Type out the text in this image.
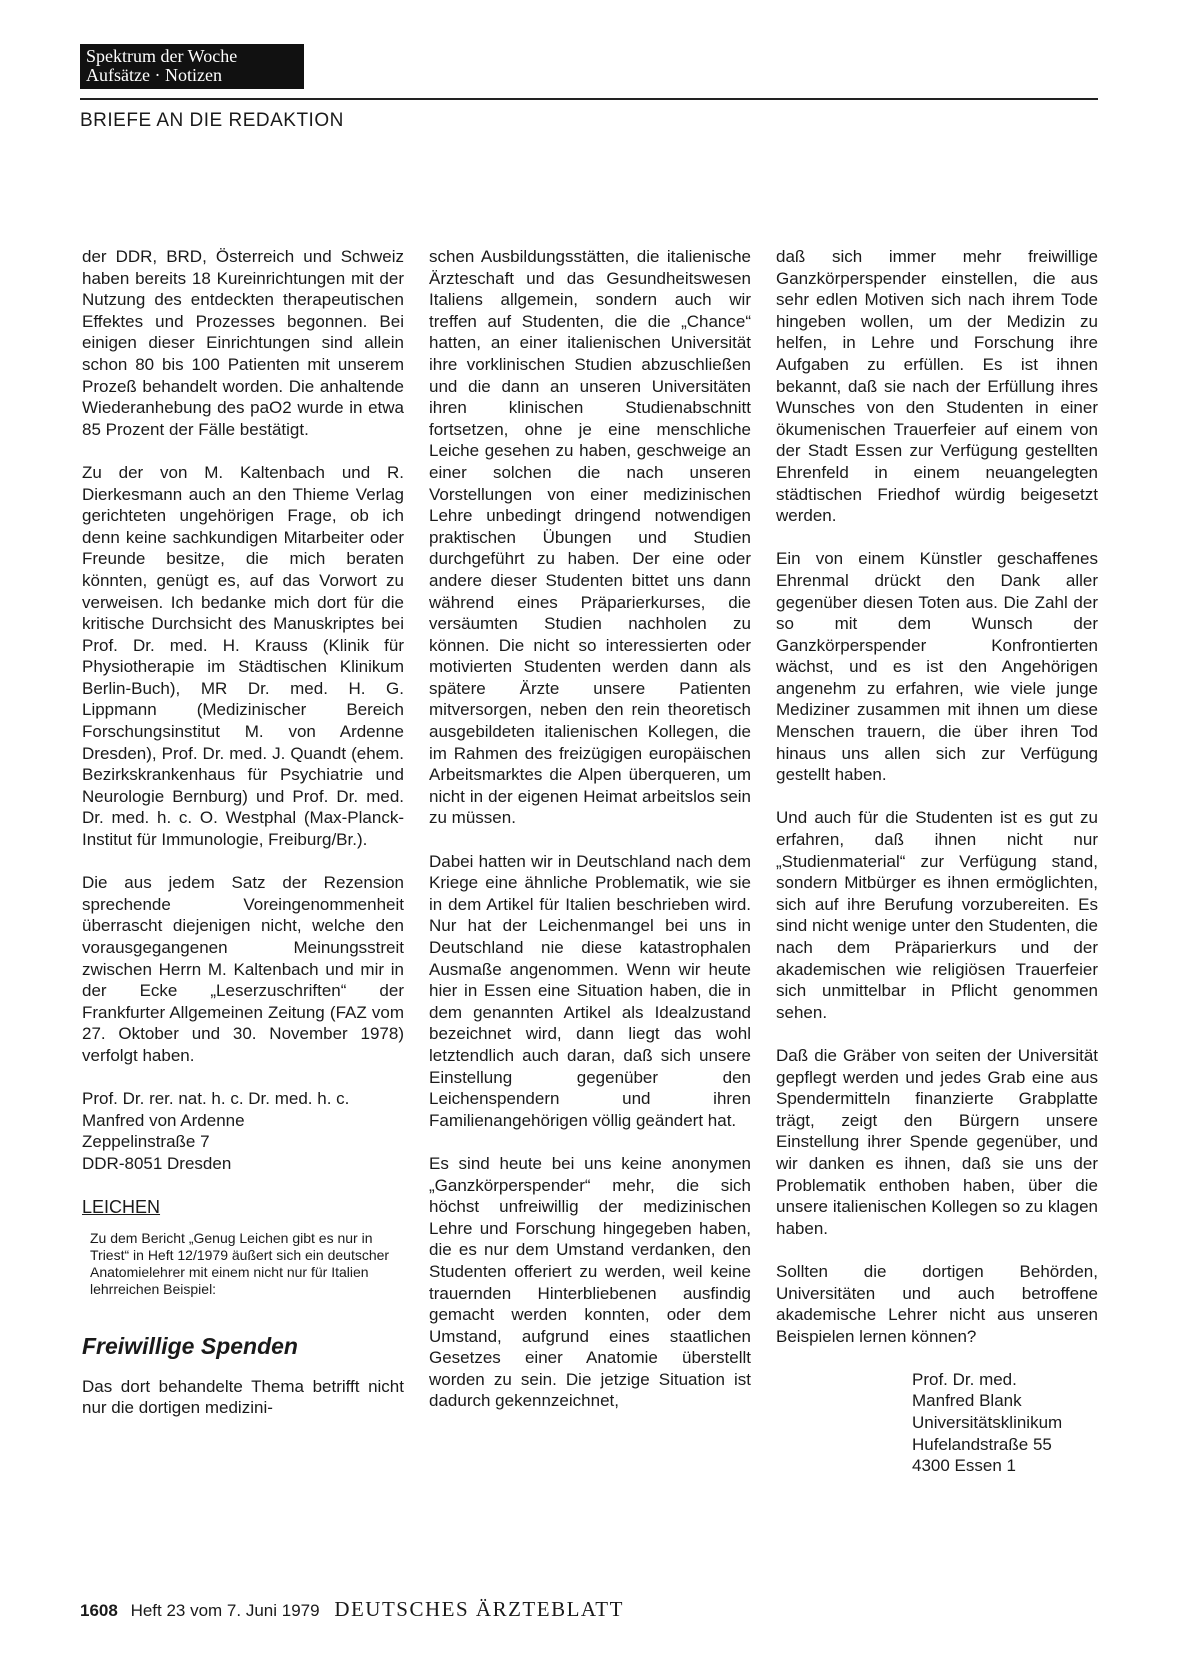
Spektrum der Woche
Aufsätze · Notizen
BRIEFE AN DIE REDAKTION

der DDR, BRD, Österreich und Schweiz haben bereits 18 Kureinrichtungen mit der Nutzung des entdeckten therapeutischen Effektes und Prozesses begonnen. Bei einigen dieser Einrichtungen sind allein schon 80 bis 100 Patienten mit unserem Prozeß behandelt worden. Die anhaltende Wiederanhebung des paO2 wurde in etwa 85 Prozent der Fälle bestätigt.

Zu der von M. Kaltenbach und R. Dierkesmann auch an den Thieme Verlag gerichteten ungehörigen Frage, ob ich denn keine sachkundigen Mitarbeiter oder Freunde besitze, die mich beraten könnten, genügt es, auf das Vorwort zu verweisen. Ich bedanke mich dort für die kritische Durchsicht des Manuskriptes bei Prof. Dr. med. H. Krauss (Klinik für Physiotherapie im Städtischen Klinikum Berlin-Buch), MR Dr. med. H. G. Lippmann (Medizinischer Bereich Forschungsinstitut M. von Ardenne Dresden), Prof. Dr. med. J. Quandt (ehem. Bezirkskrankenhaus für Psychiatrie und Neurologie Bernburg) und Prof. Dr. med. Dr. med. h. c. O. Westphal (Max-Planck-Institut für Immunologie, Freiburg/Br.).

Die aus jedem Satz der Rezension sprechende Voreingenommenheit überrascht diejenigen nicht, welche den vorausgegangenen Meinungsstreit zwischen Herrn M. Kaltenbach und mir in der Ecke „Leserzuschriften“ der Frankfurter Allgemeinen Zeitung (FAZ vom 27. Oktober und 30. November 1978) verfolgt haben.

Prof. Dr. rer. nat. h. c. Dr. med. h. c.
Manfred von Ardenne
Zeppelinstraße 7
DDR-8051 Dresden
LEICHEN
Zu dem Bericht „Genug Leichen gibt es nur in Triest“ in Heft 12/1979 äußert sich ein deutscher Anatomielehrer mit einem nicht nur für Italien lehrreichen Beispiel:
Freiwillige Spenden

Das dort behandelte Thema betrifft nicht nur die dortigen medizini-

schen Ausbildungsstätten, die italienische Ärzteschaft und das Gesundheitswesen Italiens allgemein, sondern auch wir treffen auf Studenten, die die „Chance“ hatten, an einer italienischen Universität ihre vorklinischen Studien abzuschließen und die dann an unseren Universitäten ihren klinischen Studienabschnitt fortsetzen, ohne je eine menschliche Leiche gesehen zu haben, geschweige an einer solchen die nach unseren Vorstellungen von einer medizinischen Lehre unbedingt dringend notwendigen praktischen Übungen und Studien durchgeführt zu haben. Der eine oder andere dieser Studenten bittet uns dann während eines Präparierkurses, die versäumten Studien nachholen zu können. Die nicht so interessierten oder motivierten Studenten werden dann als spätere Ärzte unsere Patienten mitversorgen, neben den rein theoretisch ausgebildeten italienischen Kollegen, die im Rahmen des freizügigen europäischen Arbeitsmarktes die Alpen überqueren, um nicht in der eigenen Heimat arbeitslos sein zu müssen.

Dabei hatten wir in Deutschland nach dem Kriege eine ähnliche Problematik, wie sie in dem Artikel für Italien beschrieben wird. Nur hat der Leichenmangel bei uns in Deutschland nie diese katastrophalen Ausmaße angenommen. Wenn wir heute hier in Essen eine Situation haben, die in dem genannten Artikel als Idealzustand bezeichnet wird, dann liegt das wohl letztendlich auch daran, daß sich unsere Einstellung gegenüber den Leichenspendern und ihren Familienangehörigen völlig geändert hat.

Es sind heute bei uns keine anonymen „Ganzkörperspender“ mehr, die sich höchst unfreiwillig der medizinischen Lehre und Forschung hingegeben haben, die es nur dem Umstand verdanken, den Studenten offeriert zu werden, weil keine trauernden Hinterbliebenen ausfindig gemacht werden konnten, oder dem Umstand, aufgrund eines staatlichen Gesetzes einer Anatomie überstellt worden zu sein. Die jetzige Situation ist dadurch gekennzeichnet,

daß sich immer mehr freiwillige Ganzkörperspender einstellen, die aus sehr edlen Motiven sich nach ihrem Tode hingeben wollen, um der Medizin zu helfen, in Lehre und Forschung ihre Aufgaben zu erfüllen. Es ist ihnen bekannt, daß sie nach der Erfüllung ihres Wunsches von den Studenten in einer ökumenischen Trauerfeier auf einem von der Stadt Essen zur Verfügung gestellten Ehrenfeld in einem neuangelegten städtischen Friedhof würdig beigesetzt werden.

Ein von einem Künstler geschaffenes Ehrenmal drückt den Dank aller gegenüber diesen Toten aus. Die Zahl der so mit dem Wunsch der Ganzkörperspender Konfrontierten wächst, und es ist den Angehörigen angenehm zu erfahren, wie viele junge Mediziner zusammen mit ihnen um diese Menschen trauern, die über ihren Tod hinaus uns allen sich zur Verfügung gestellt haben.

Und auch für die Studenten ist es gut zu erfahren, daß ihnen nicht nur „Studienmaterial“ zur Verfügung stand, sondern Mitbürger es ihnen ermöglichten, sich auf ihre Berufung vorzubereiten. Es sind nicht wenige unter den Studenten, die nach dem Präparierkurs und der akademischen wie religiösen Trauerfeier sich unmittelbar in Pflicht genommen sehen.

Daß die Gräber von seiten der Universität gepflegt werden und jedes Grab eine aus Spendermitteln finanzierte Grabplatte trägt, zeigt den Bürgern unsere Einstellung ihrer Spende gegenüber, und wir danken es ihnen, daß sie uns der Problematik enthoben haben, über die unsere italienischen Kollegen so zu klagen haben.

Sollten die dortigen Behörden, Universitäten und auch betroffene akademische Lehrer nicht aus unseren Beispielen lernen können?

Prof. Dr. med.
Manfred Blank
Universitätsklinikum
Hufelandstraße 55
4300 Essen 1
1608 Heft 23 vom 7. Juni 1979 DEUTSCHES ÄRZTEBLATT
